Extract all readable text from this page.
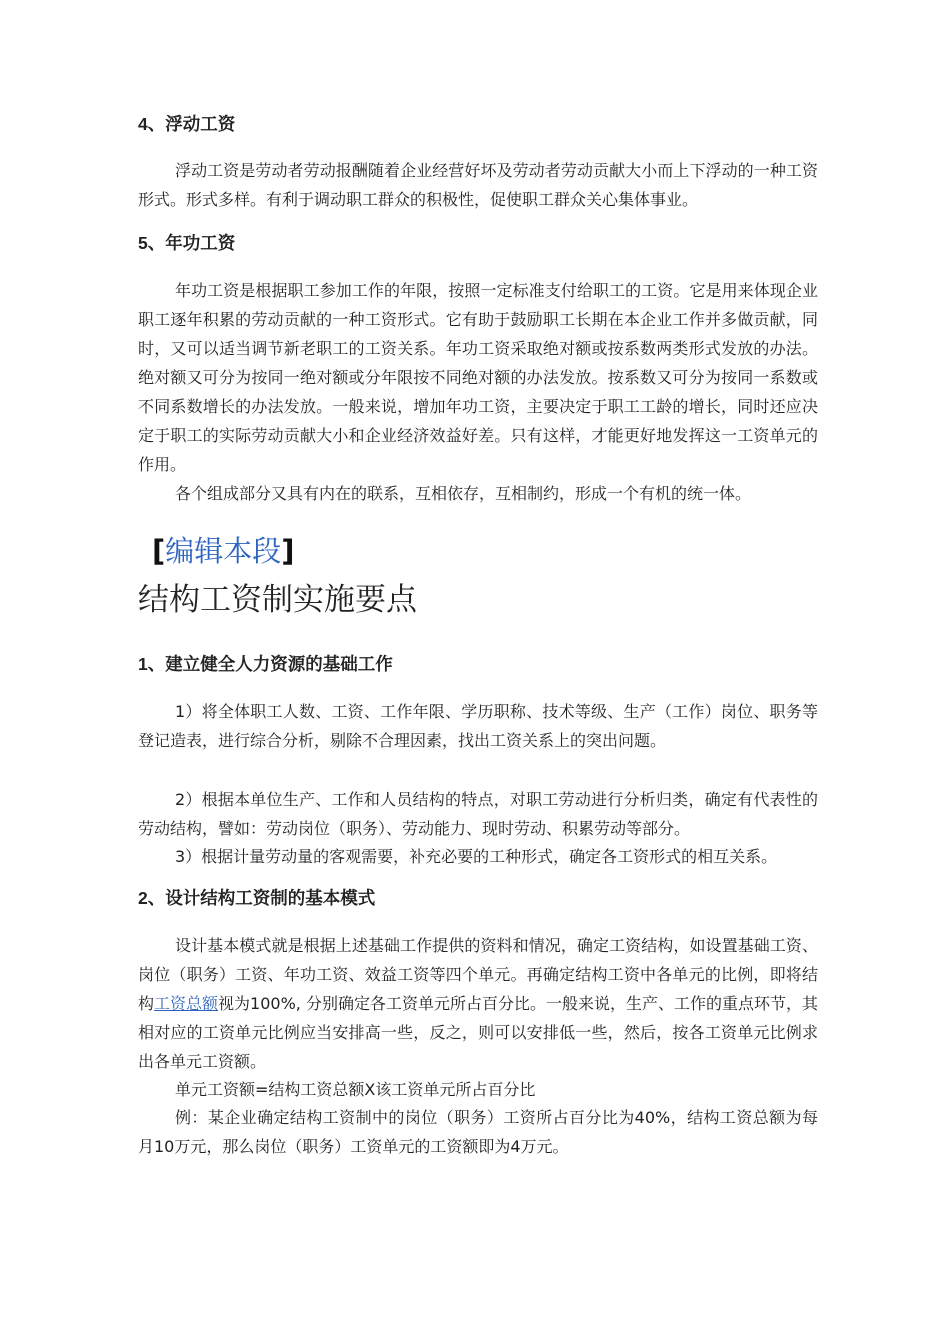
4、浮动工资

浮动工资是劳动者劳动报酬随着企业经营好坏及劳动者劳动贡献大小而上下浮动的一种工资形式。形式多样。有利于调动职工群众的积极性，促使职工群众关心集体事业。

5、年功工资

年功工资是根据职工参加工作的年限，按照一定标准支付给职工的工资。它是用来体现企业职工逐年积累的劳动贡献的一种工资形式。它有助于鼓励职工长期在本企业工作并多做贡献，同时，又可以适当调节新老职工的工资关系。年功工资采取绝对额或按系数两类形式发放的办法。绝对额又可分为按同一绝对额或分年限按不同绝对额的办法发放。按系数又可分为按同一系数或不同系数增长的办法发放。一般来说，增加年功工资，主要决定于职工工龄的增长，同时还应决定于职工的实际劳动贡献大小和企业经济效益好差。只有这样，才能更好地发挥这一工资单元的作用。

各个组成部分又具有内在的联系，互相依存，互相制约，形成一个有机的统一体。

[编辑本段]
结构工资制实施要点
1、建立健全人力资源的基础工作

1）将全体职工人数、工资、工作年限、学历职称、技术等级、生产（工作）岗位、职务等登记造表，进行综合分析，剔除不合理因素，找出工资关系上的突出问题。

2）根据本单位生产、工作和人员结构的特点，对职工劳动进行分析归类，确定有代表性的劳动结构，譬如：劳动岗位（职务）、劳动能力、现时劳动、积累劳动等部分。

3）根据计量劳动量的客观需要，补充必要的工种形式，确定各工资形式的相互关系。

2、设计结构工资制的基本模式

设计基本模式就是根据上述基础工作提供的资料和情况，确定工资结构，如设置基础工资、岗位（职务）工资、年功工资、效益工资等四个单元。再确定结构工资中各单元的比例，即将结构工资总额视为100%, 分别确定各工资单元所占百分比。一般来说，生产、工作的重点环节，其相对应的工资单元比例应当安排高一些，反之，则可以安排低一些，然后，按各工资单元比例求出各单元工资额。

单元工资额=结构工资总额X该工资单元所占百分比

例：某企业确定结构工资制中的岗位（职务）工资所占百分比为40%，结构工资总额为每月10万元，那么岗位（职务）工资单元的工资额即为4万元。
